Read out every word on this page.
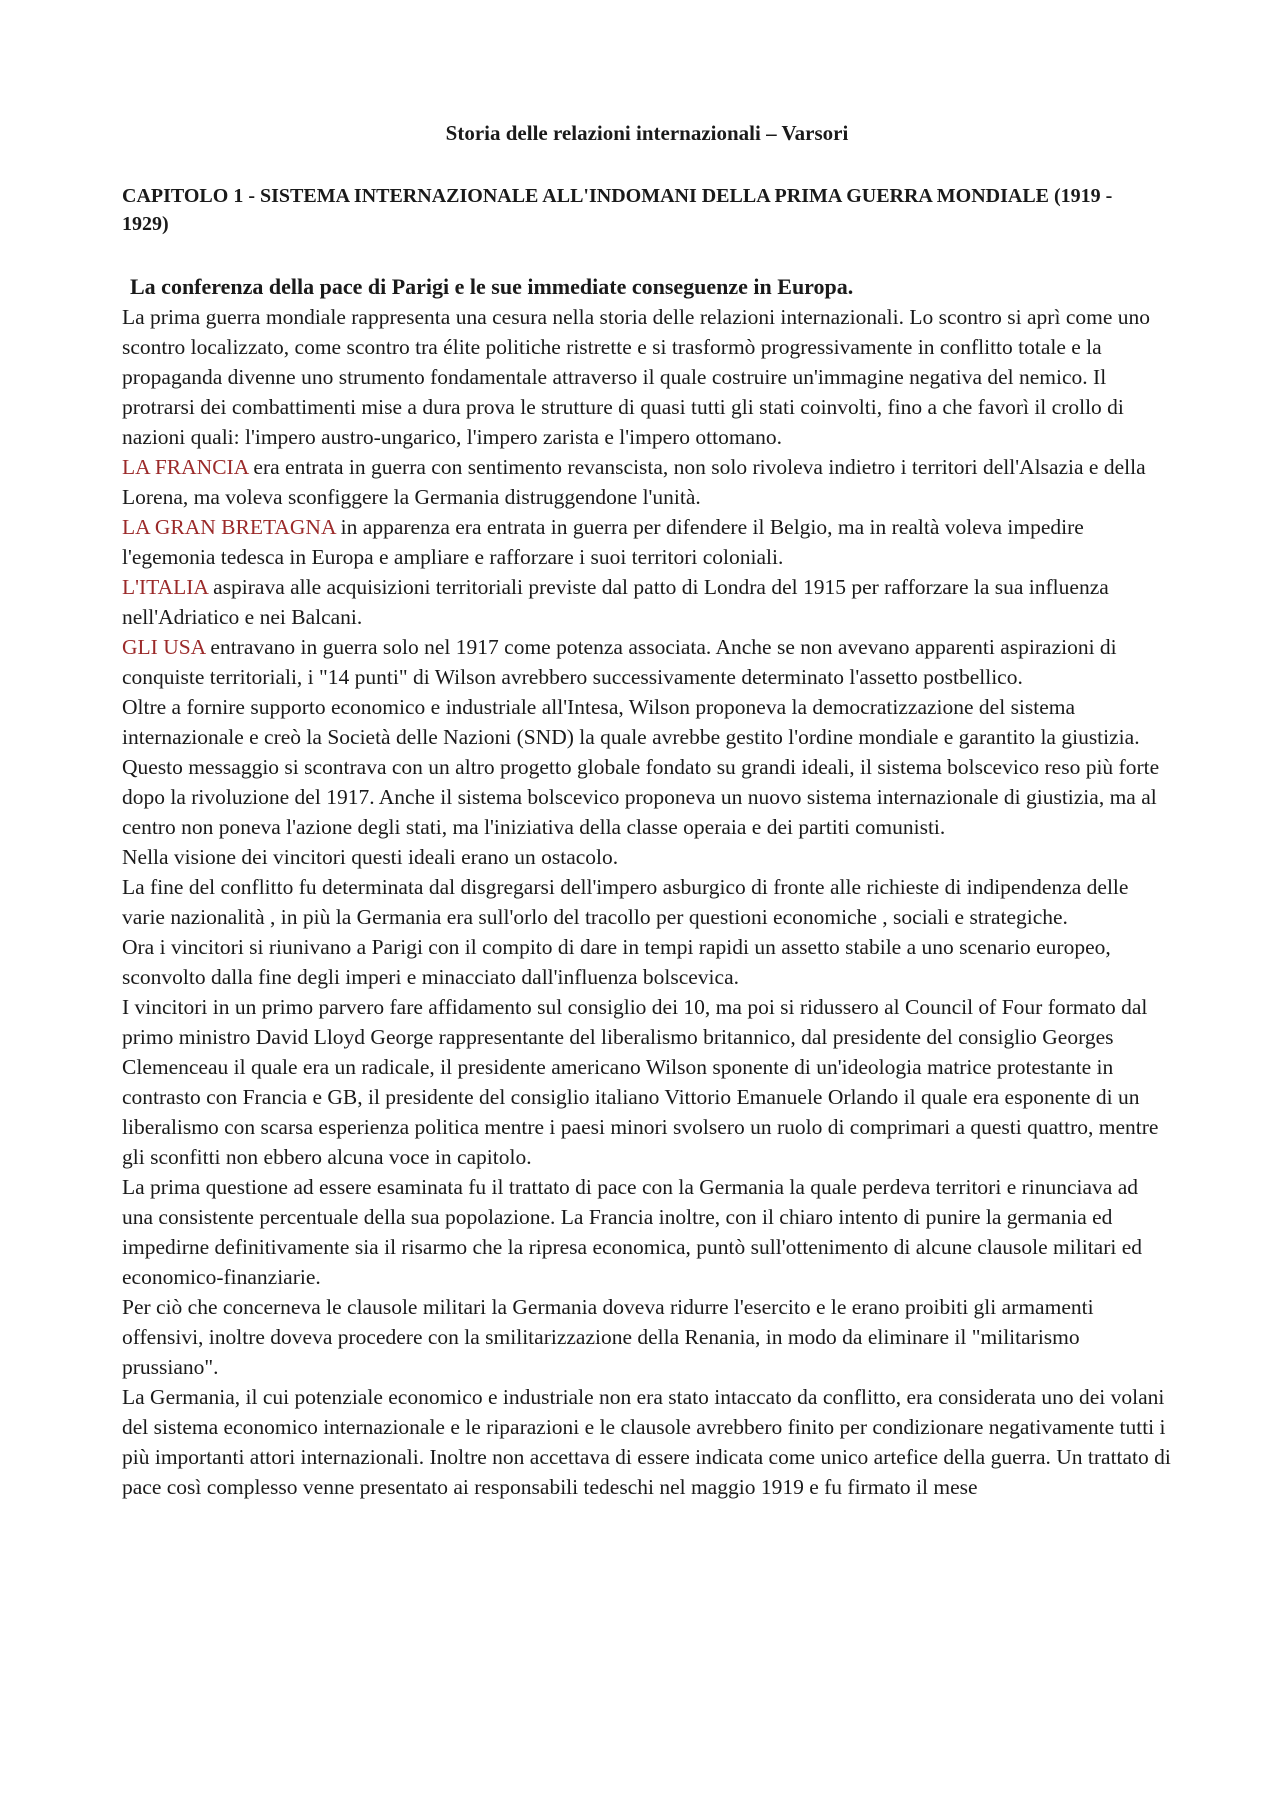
Storia delle relazioni internazionali – Varsori
CAPITOLO 1 - SISTEMA INTERNAZIONALE ALL'INDOMANI DELLA PRIMA GUERRA MONDIALE (1919 - 1929)
La conferenza della pace di Parigi e le sue immediate conseguenze in Europa.

La prima guerra mondiale rappresenta una cesura nella storia delle relazioni internazionali. Lo scontro si aprì come uno scontro localizzato, come scontro tra élite politiche ristrette e si trasformò progressivamente in conflitto totale e la propaganda divenne uno strumento fondamentale attraverso il quale costruire un'immagine negativa del nemico. Il protrarsi dei combattimenti mise a dura prova le strutture di quasi tutti gli stati coinvolti, fino a che favorì il crollo di nazioni quali: l'impero austro-ungarico, l'impero zarista e l'impero ottomano.

LA FRANCIA era entrata in guerra con sentimento revanscista, non solo rivoleva indietro i territori dell'Alsazia e della Lorena, ma voleva sconfiggere la Germania distruggendone l'unità.

LA GRAN BRETAGNA in apparenza era entrata in guerra per difendere il Belgio, ma in realtà voleva impedire l'egemonia tedesca in Europa e ampliare e rafforzare i suoi territori coloniali.

L'ITALIA aspirava alle acquisizioni territoriali previste dal patto di Londra del 1915 per rafforzare la sua influenza nell'Adriatico e nei Balcani.

GLI USA entravano in guerra solo nel 1917 come potenza associata. Anche se non avevano apparenti aspirazioni di conquiste territoriali, i "14 punti" di Wilson avrebbero successivamente determinato l'assetto postbellico.

Oltre a fornire supporto economico e industriale all'Intesa, Wilson proponeva la democratizzazione del sistema internazionale e creò la Società delle Nazioni (SND) la quale avrebbe gestito l'ordine mondiale e garantito la giustizia.

Questo messaggio si scontrava con un altro progetto globale fondato su grandi ideali, il sistema bolscevico reso più forte dopo la rivoluzione del 1917. Anche il sistema bolscevico proponeva un nuovo sistema internazionale di giustizia, ma al centro non poneva l'azione degli stati, ma l'iniziativa della classe operaia e dei partiti comunisti.

Nella visione dei vincitori questi ideali erano un ostacolo.

La fine del conflitto fu determinata dal disgregarsi dell'impero asburgico di fronte alle richieste di indipendenza delle varie nazionalità , in più la Germania era sull'orlo del tracollo per questioni economiche , sociali e strategiche.

Ora i vincitori si riunivano a Parigi con il compito di dare in tempi rapidi un assetto stabile a uno scenario europeo, sconvolto dalla fine degli imperi e minacciato dall'influenza bolscevica.

I vincitori in un primo parvero fare affidamento sul consiglio dei 10, ma poi si ridussero al Council of Four formato dal primo ministro David Lloyd George rappresentante del liberalismo britannico, dal presidente del consiglio Georges Clemenceau il quale era un radicale, il presidente americano Wilson sponente di un'ideologia matrice protestante in contrasto con Francia e GB, il presidente del consiglio italiano Vittorio Emanuele Orlando il quale era esponente di un liberalismo con scarsa esperienza politica mentre i paesi minori svolsero un ruolo di comprimari a questi quattro, mentre gli sconfitti non ebbero alcuna voce in capitolo.

La prima questione ad essere esaminata fu il trattato di pace con la Germania la quale perdeva territori e rinunciava ad una consistente percentuale della sua popolazione. La Francia inoltre, con il chiaro intento di punire la germania ed impedirne definitivamente sia il risarmo che la ripresa economica, puntò sull'ottenimento di alcune clausole militari ed economico-finanziarie.

Per ciò che concerneva le clausole militari la Germania doveva ridurre l'esercito e le erano proibiti gli armamenti offensivi, inoltre doveva procedere con la smilitarizzazione della Renania, in modo da eliminare il "militarismo prussiano".

La Germania, il cui potenziale economico e industriale non era stato intaccato da conflitto, era considerata uno dei volani del sistema economico internazionale e le riparazioni e le clausole avrebbero finito per condizionare negativamente tutti i più importanti attori internazionali. Inoltre non accettava di essere indicata come unico artefice della guerra. Un trattato di pace così complesso venne presentato ai responsabili tedeschi nel maggio 1919 e fu firmato il mese
